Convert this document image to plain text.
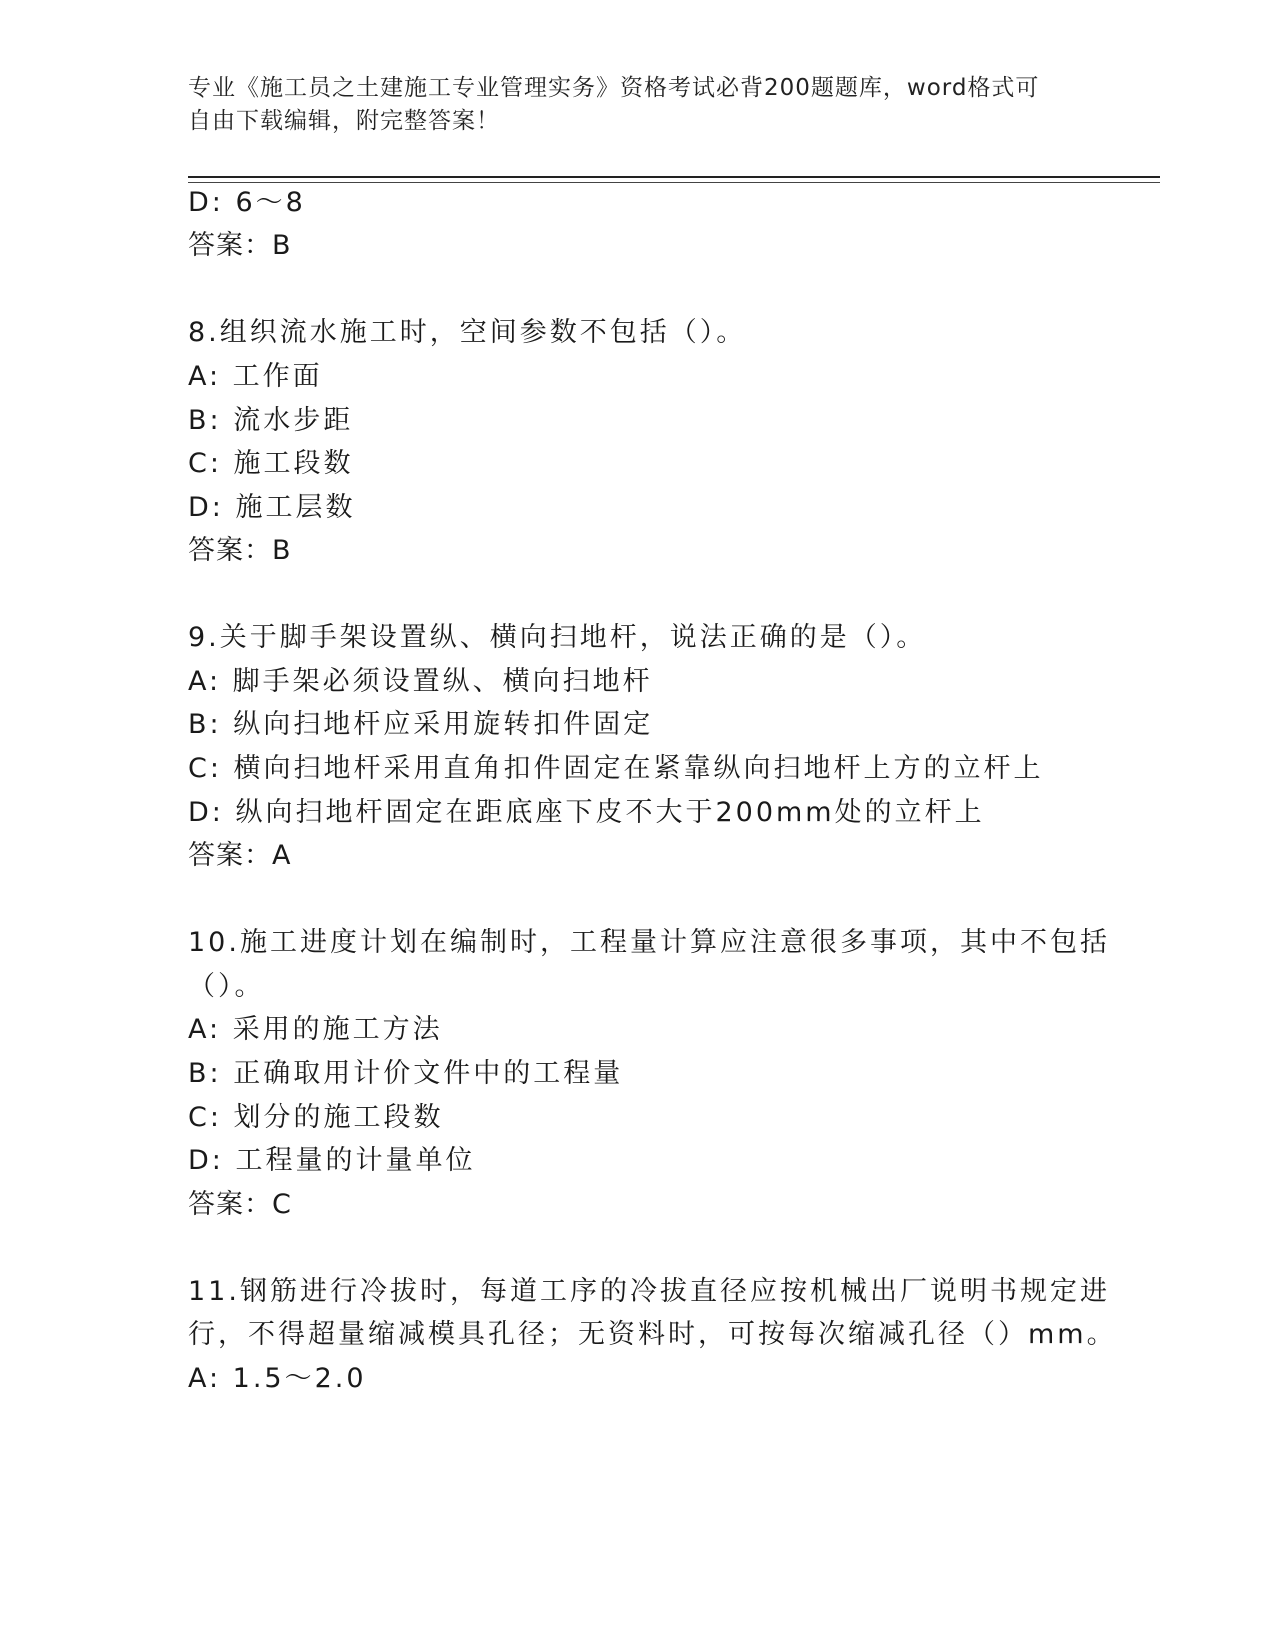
专业《施工员之土建施工专业管理实务》资格考试必背200题题库，word格式可
自由下载编辑，附完整答案！
D: 6～8
答案：B
8.组织流水施工时，空间参数不包括（）。
A: 工作面
B: 流水步距
C: 施工段数
D: 施工层数
答案：B
9.关于脚手架设置纵、横向扫地杆，说法正确的是（）。
A: 脚手架必须设置纵、横向扫地杆
B: 纵向扫地杆应采用旋转扣件固定
C: 横向扫地杆采用直角扣件固定在紧靠纵向扫地杆上方的立杆上
D: 纵向扫地杆固定在距底座下皮不大于200mm处的立杆上
答案：A
10.施工进度计划在编制时，工程量计算应注意很多事项，其中不包括
（）。
A: 采用的施工方法
B: 正确取用计价文件中的工程量
C: 划分的施工段数
D: 工程量的计量单位
答案：C
11.钢筋进行冷拔时，每道工序的冷拔直径应按机械出厂说明书规定进
行，不得超量缩减模具孔径；无资料时，可按每次缩减孔径（）mm。
A: 1.5～2.0
